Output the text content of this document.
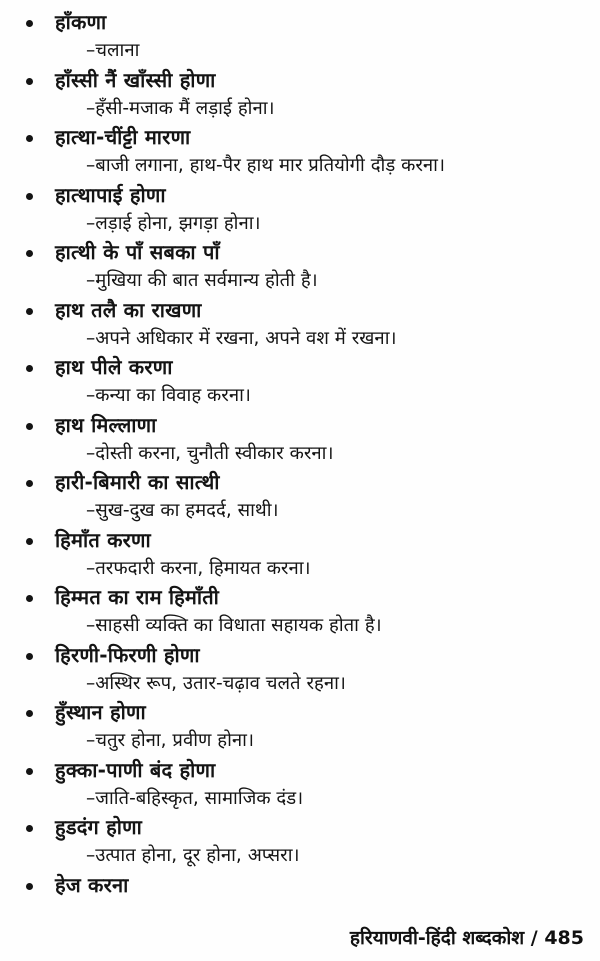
हाँकणा
–चलाना
हाँस्सी नैं खाँस्सी होणा
–हँसी-मजाक मैं लड़ाई होना।
हात्था-चींट्टी मारणा
–बाजी लगाना, हाथ-पैर हाथ मार प्रतियोगी दौड़ करना।
हात्थापाई होणा
–लड़ाई होना, झगड़ा होना।
हात्थी के पाँ सबका पाँ
–मुखिया की बात सर्वमान्य होती है।
हाथ तलै का राखणा
–अपने अधिकार में रखना, अपने वश में रखना।
हाथ पीले करणा
–कन्या का विवाह करना।
हाथ मिल्लाणा
–दोस्ती करना, चुनौती स्वीकार करना।
हारी-बिमारी का सात्थी
–सुख-दुख का हमदर्द, साथी।
हिमाँत करणा
–तरफदारी करना, हिमायत करना।
हिम्मत का राम हिमाँती
–साहसी व्यक्ति का विधाता सहायक होता है।
हिरणी-फिरणी होणा
–अस्थिर रूप, उतार-चढ़ाव चलते रहना।
हुँस्थान होणा
–चतुर होना, प्रवीण होना।
हुक्का-पाणी बंद होणा
–जाति-बहिस्कृत, सामाजिक दंड।
हुडदंग होणा
–उत्पात होना, दूर होना, अप्सरा।
हेज करना
हरियाणवी-हिंदी शब्दकोश / 485
